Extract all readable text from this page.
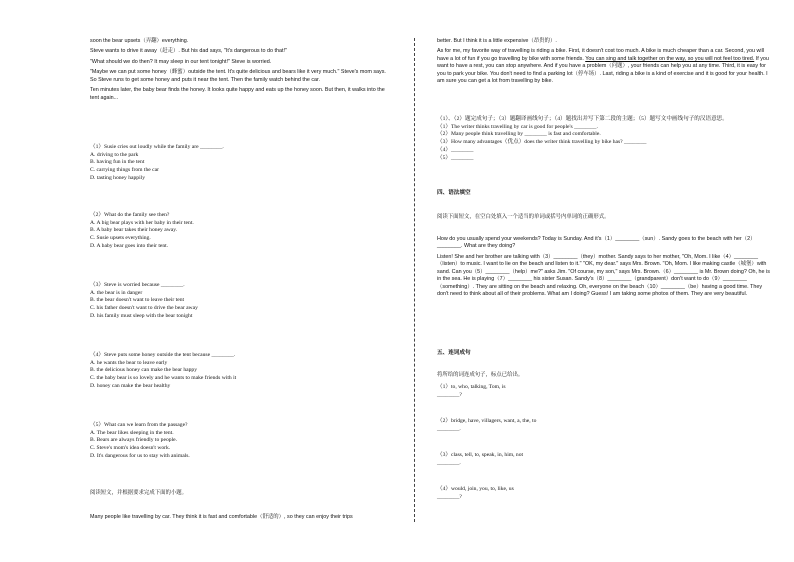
soon the bear upsets（弄翻）everything.

Steve wants to drive it away（赶走）. But his dad says, "It's dangerous to do that!"

"What should we do then? It may sleep in our tent tonight!" Steve is worried.

"Maybe we can put some honey（蜂蜜）outside the tent. It's quite delicious and bears like it very much." Steve's mom says. So Steve runs to get some honey and puts it near the tent. Then the family watch behind the car.

Ten minutes later, the baby bear finds the honey. It looks quite happy and eats up the honey soon. But then, it walks into the tent again...

（1）Susie cries out loudly while the family are ________.

A. driving to the park

B. having fun in the tent

C. carrying things from the car

D. tasting honey happily

（2）What do the family see then?

A. A big bear plays with her baby in their tent.

B. A baby bear takes their honey away.

C. Susie upsets everything.

D. A baby bear goes into their tent.

（3）Steve is worried because ________.

A. the bear is in danger

B. the bear doesn't want to leave their tent

C. his father doesn't want to drive the bear away

D. his family must sleep with the bear tonight

（4）Steve puts some honey outside the tent because ________.

A. he wants the bear to leave early

B. the delicious honey can make the bear happy

C. the baby bear is so lovely and he wants to make friends with it

D. honey can make the bear healthy

（5）What can we learn from the passage?

A. The bear likes sleeping in the tent.

B. Bears are always friendly to people.

C. Steve's mom's idea doesn't work.

D. It's dangerous for us to stay with animals.

阅读短文，并根据要求完成下面的小题。

Many people like travelling by car. They think it is fast and comfortable（舒适的）, so they can enjoy their trips

better. But I think it is a little expensive（昂贵的）.

As for me, my favorite way of travelling is riding a bike. First, it doesn't cost too much. A bike is much cheaper than a car. Second, you will have a lot of fun if you go travelling by bike with some friends. You can sing and talk together on the way, so you will not feel too tired. If you want to have a rest, you can stop anywhere. And if you have a problem（问题）, your friends can help you at any time. Third, it is easy for you to park your bike. You don't need to find a parking lot（停车场）. Last, riding a bike is a kind of exercise and it is good for your health. I am sure you can get a lot from travelling by bike.

（1）、（2）题完成句子；（3）题翻译画线句子；（4）题找出并写下第二段的主题；（5）题写文中画线句子的汉语意思。

（1）The writer thinks travelling by car is good for people's ________.

（2）Many people think travelling by ________ is fast and comfortable.

（3）How many advantages（优点）does the writer think travelling by bike has? ________

（4）________

（5）________

四、语法填空

阅读下面短文，在空白处填入一个适当的单词或括号内单词的正确形式。

How do you usually spend your weekends? Today is Sunday. And it's（1）________（sun）. Sandy goes to the beach with her（2）________. What are they doing?

Listen! She and her brother are talking with（3）________（they）mother. Sandy says to her mother, "Oh, Mom. I like（4）________（listen）to music. I want to lie on the beach and listen to it." "OK, my dear." says Mrs. Brown. "Oh, Mom. I like making castle（城堡）with sand. Can you（5）________（help）me?" asks Jim. "Of course, my son," says Mrs. Brown.（6）________ is Mr. Brown doing? Oh, he is in the sea. He is playing（7）________ his sister Susan. Sandy's（8）________（grandparent）don't want to do（9）________（something）. They are sitting on the beach and relaxing. Oh, everyone on the beach（10）________（be）having a good time. They don't need to think about all of their problems. What am I doing? Guess! I am taking some photos of them. They are very beautiful.

五、连词成句

将所给的词连成句子，标点已给出。

（1）to, who, talking, Tom, is

________?

（2）bridge, have, villagers, want, a, the, to

________.

（3）class, tell, to, speak, in, him, not

________.

（4）would, join, you, to, like, us

________?
